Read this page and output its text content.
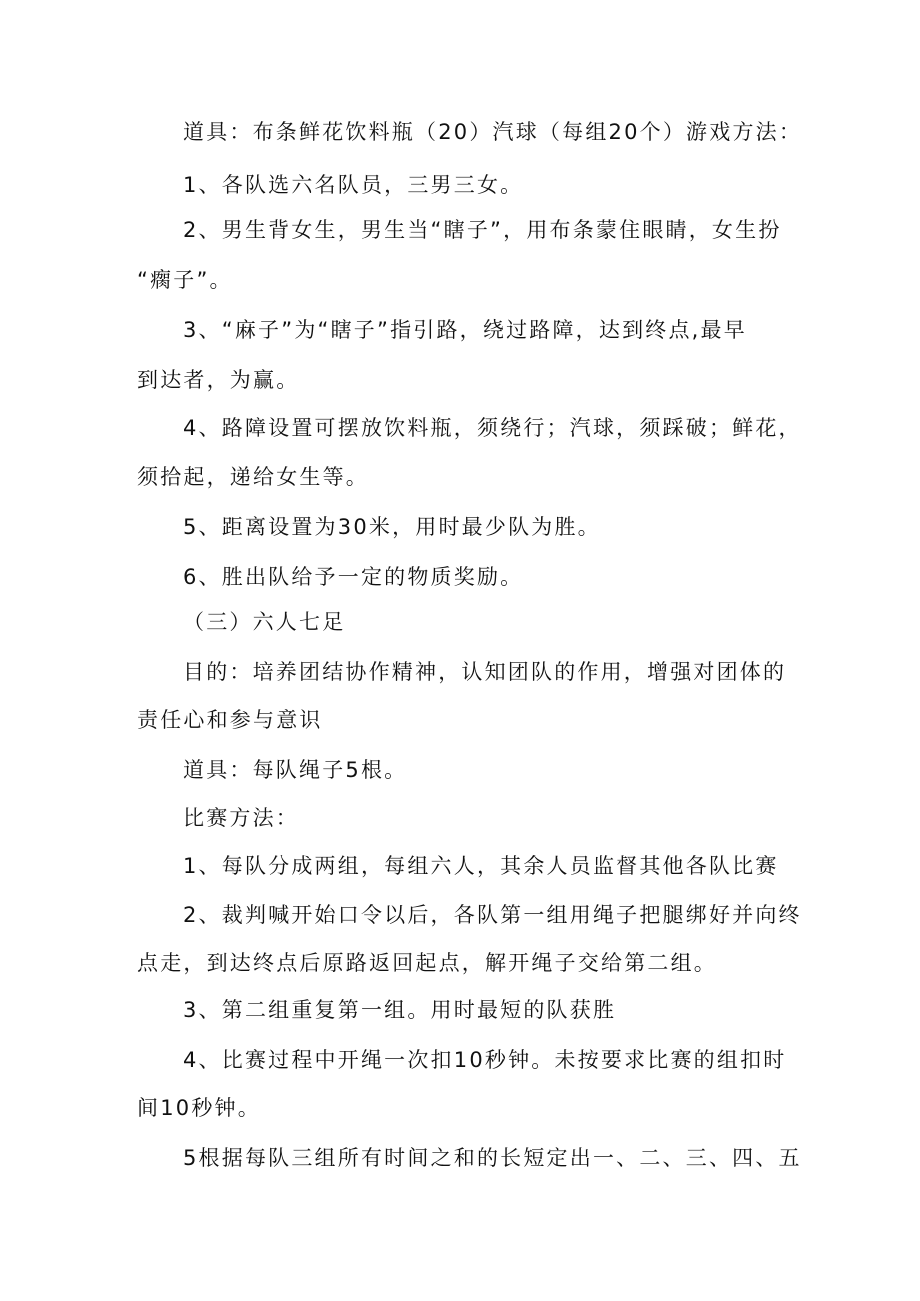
道具：布条鲜花饮料瓶（20）汽球（每组20个）游戏方法：
1、各队选六名队员，三男三女。
2、男生背女生，男生当“瞎子”，用布条蒙住眼睛，女生扮
“瘸子”。
3、“麻子”为“瞎子”指引路，绕过路障，达到终点,最早
到达者，为赢。
4、路障设置可摆放饮料瓶，须绕行；汽球，须踩破；鲜花，
须拾起，递给女生等。
5、距离设置为30米，用时最少队为胜。
6、胜出队给予一定的物质奖励。
（三）六人七足
目的：培养团结协作精神，认知团队的作用，增强对团体的
责任心和参与意识
道具：每队绳子5根。
比赛方法：
1、每队分成两组，每组六人，其余人员监督其他各队比赛
2、裁判喊开始口令以后，各队第一组用绳子把腿绑好并向终
点走，到达终点后原路返回起点，解开绳子交给第二组。
3、第二组重复第一组。用时最短的队获胜
4、比赛过程中开绳一次扣10秒钟。未按要求比赛的组扣时
间10秒钟。
5根据每队三组所有时间之和的长短定出一、二、三、四、五
